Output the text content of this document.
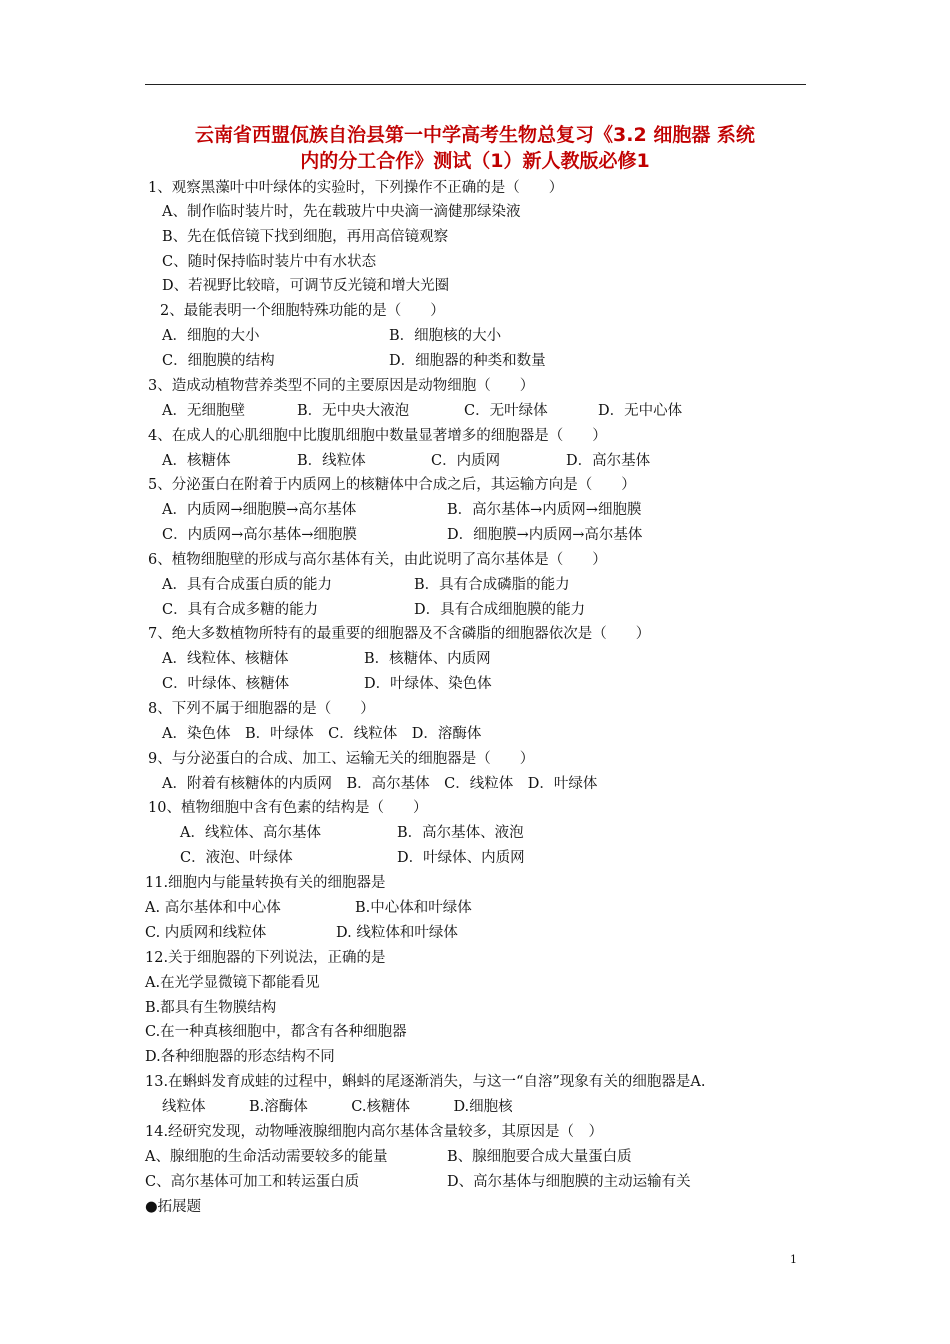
云南省西盟佤族自治县第一中学高考生物总复习《3.2 细胞器 系统
内的分工合作》测试（1）新人教版必修1
1、观察黑藻叶中叶绿体的实验时，下列操作不正确的是（　　）
A、制作临时装片时，先在载玻片中央滴一滴健那绿染液
B、先在低倍镜下找到细胞，再用高倍镜观察
C、随时保持临时装片中有水状态
D、若视野比较暗，可调节反光镜和增大光圈
2、最能表明一个细胞特殊功能的是（　　）
A．细胞的大小	B．细胞核的大小
C．细胞膜的结构	D．细胞器的种类和数量
3、造成动植物营养类型不同的主要原因是动物细胞（　　）
A．无细胞壁	B．无中央大液泡	C．无叶绿体	D．无中心体
4、在成人的心肌细胞中比腹肌细胞中数量显著增多的细胞器是（　　）
A．核糖体	B．线粒体	C．内质网	D．高尔基体
5、分泌蛋白在附着于内质网上的核糖体中合成之后，其运输方向是（　　）
A．内质网→细胞膜→高尔基体	B．高尔基体→内质网→细胞膜
C．内质网→高尔基体→细胞膜	D．细胞膜→内质网→高尔基体
6、植物细胞壁的形成与高尔基体有关，由此说明了高尔基体是（　　）
A．具有合成蛋白质的能力	B．具有合成磷脂的能力
C．具有合成多糖的能力	D．具有合成细胞膜的能力
7、绝大多数植物所特有的最重要的细胞器及不含磷脂的细胞器依次是（　　）
A．线粒体、核糖体	B．核糖体、内质网
C．叶绿体、核糖体	D．叶绿体、染色体
8、下列不属于细胞器的是（　　）
A．染色体　B．叶绿体　C．线粒体　D．溶酶体
9、与分泌蛋白的合成、加工、运输无关的细胞器是（　　）
A．附着有核糖体的内质网　B．高尔基体　C．线粒体　D．叶绿体
10、植物细胞中含有色素的结构是（　　）
A．线粒体、高尔基体	B．高尔基体、液泡
C．液泡、叶绿体	D．叶绿体、内质网
11.细胞内与能量转换有关的细胞器是
A. 高尔基体和中心体	B.中心体和叶绿体
C. 内质网和线粒体	D. 线粒体和叶绿体
12.关于细胞器的下列说法，正确的是
A.在光学显微镜下都能看见
B.都具有生物膜结构
C.在一种真核细胞中，都含有各种细胞器
D.各种细胞器的形态结构不同
13.在蝌蚪发育成蛙的过程中，蝌蚪的尾逐渐消失，与这一“自溶”现象有关的细胞器是A.
线粒体　　　B.溶酶体　　　C.核糖体　　　D.细胞核
14.经研究发现，动物唾液腺细胞内高尔基体含量较多，其原因是（　）
A、腺细胞的生命活动需要较多的能量	B、腺细胞要合成大量蛋白质
C、高尔基体可加工和转运蛋白质	D、高尔基体与细胞膜的主动运输有关
●拓展题
1
